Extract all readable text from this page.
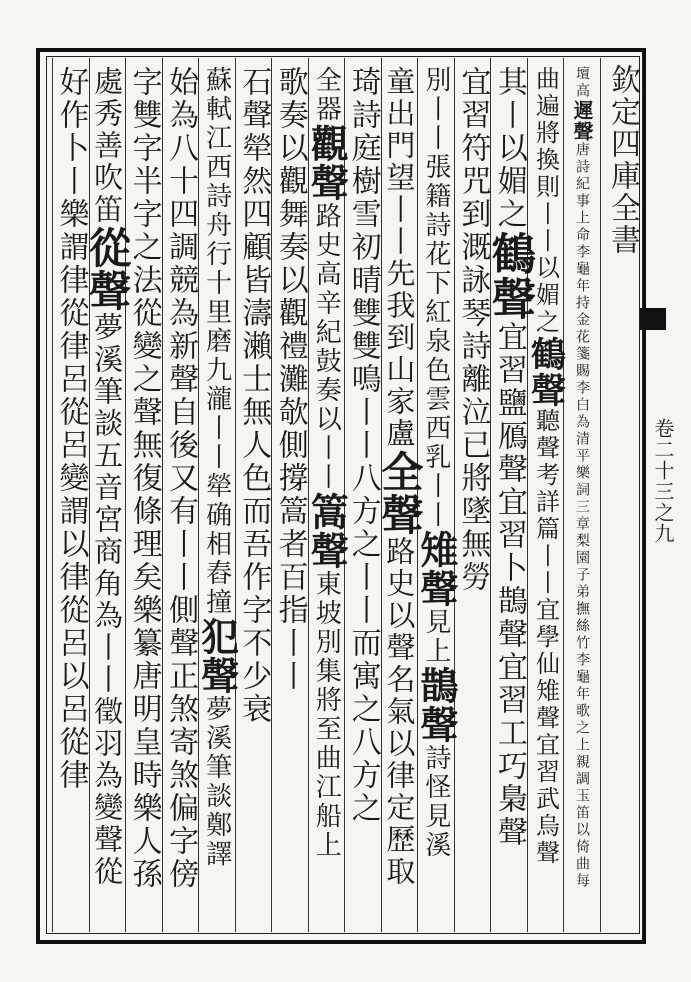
欽定四庫全書
卷二十三之九
壇高遲聲唐詩紀事上命李龜年持金花箋賜李白為清平樂詞三章梨園子弟撫絲竹李龜年歌之上親調玉笛以倚曲每
曲遍將換則丨丨以媚之鶴聲聽聲考詳篇丨丨宜學仙雉聲宜習武烏聲
其丨以媚之鶴聲宜習鹽鴈聲宜習卜鵲聲宜習工巧梟聲
宜習符咒到溉詠琴詩離泣已將墜無勞
別丨丨張籍詩花下紅泉色雲西乳丨丨雉聲見上鵲聲詩怪見溪
童出門望丨丨先我到山家盧全聲路史以聲名氣以律定歷取
琦詩庭樹雪初晴雙雙鳴丨丨八方之丨丨而寓之八方之
全器觀聲路史高辛紀鼓奏以丨丨篙聲東坡別集將至曲江船上
歌奏以觀舞奏以觀禮灘欹側撐篙者百指丨丨
石聲犖然四顧皆濤瀨士無人色而吾作字不少衰
蘇軾江西詩舟行十里磨九瀧丨丨犖确相舂撞犯聲夢溪筆談鄭譯
始為八十四調競為新聲自後又有丨丨側聲正煞寄煞偏字傍
字雙字半字之法從變之聲無復條理矣樂纂唐明皇時樂人孫
處秀善吹笛從聲夢溪筆談五音宮商角為丨丨徵羽為變聲從
好作卜丨樂謂律從律呂從呂變謂以律從呂以呂從律
